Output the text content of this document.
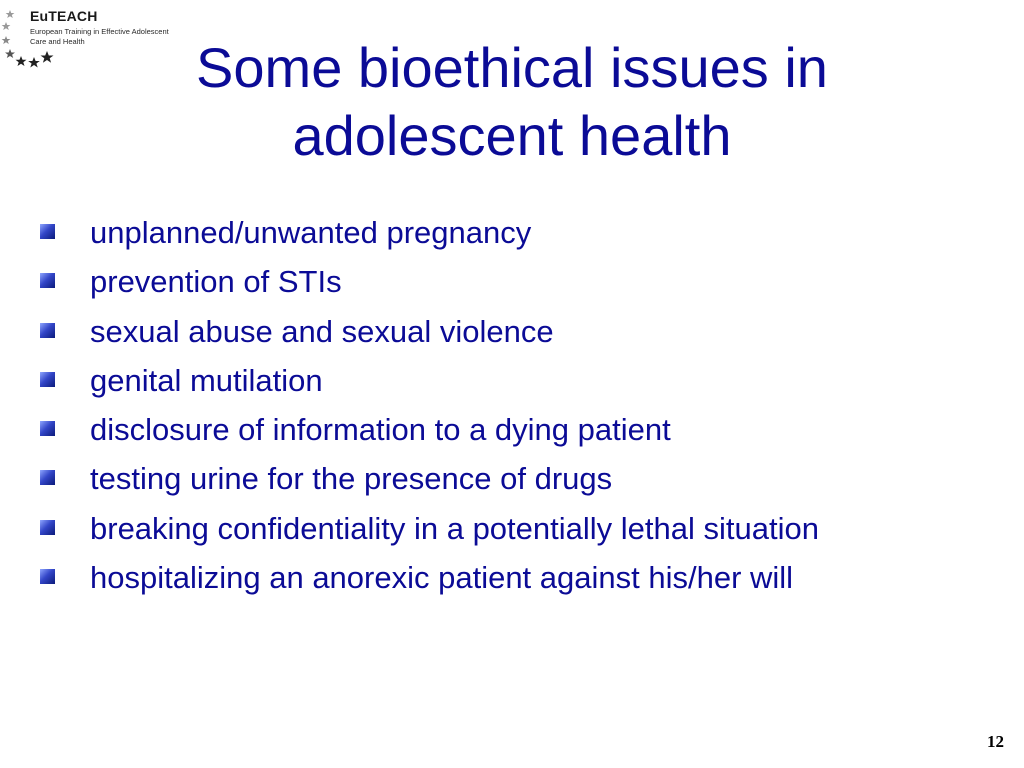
EuTEACH
European Training in Effective Adolescent
Care and Health	Some bioethical issues in
adolescent health
unplanned/unwanted pregnancy
prevention of STIs
sexual abuse and sexual violence
genital mutilation
disclosure of information to a dying patient
testing urine for the presence of drugs
breaking confidentiality in a potentially lethal situation
hospitalizing an anorexic patient against his/her will
12
